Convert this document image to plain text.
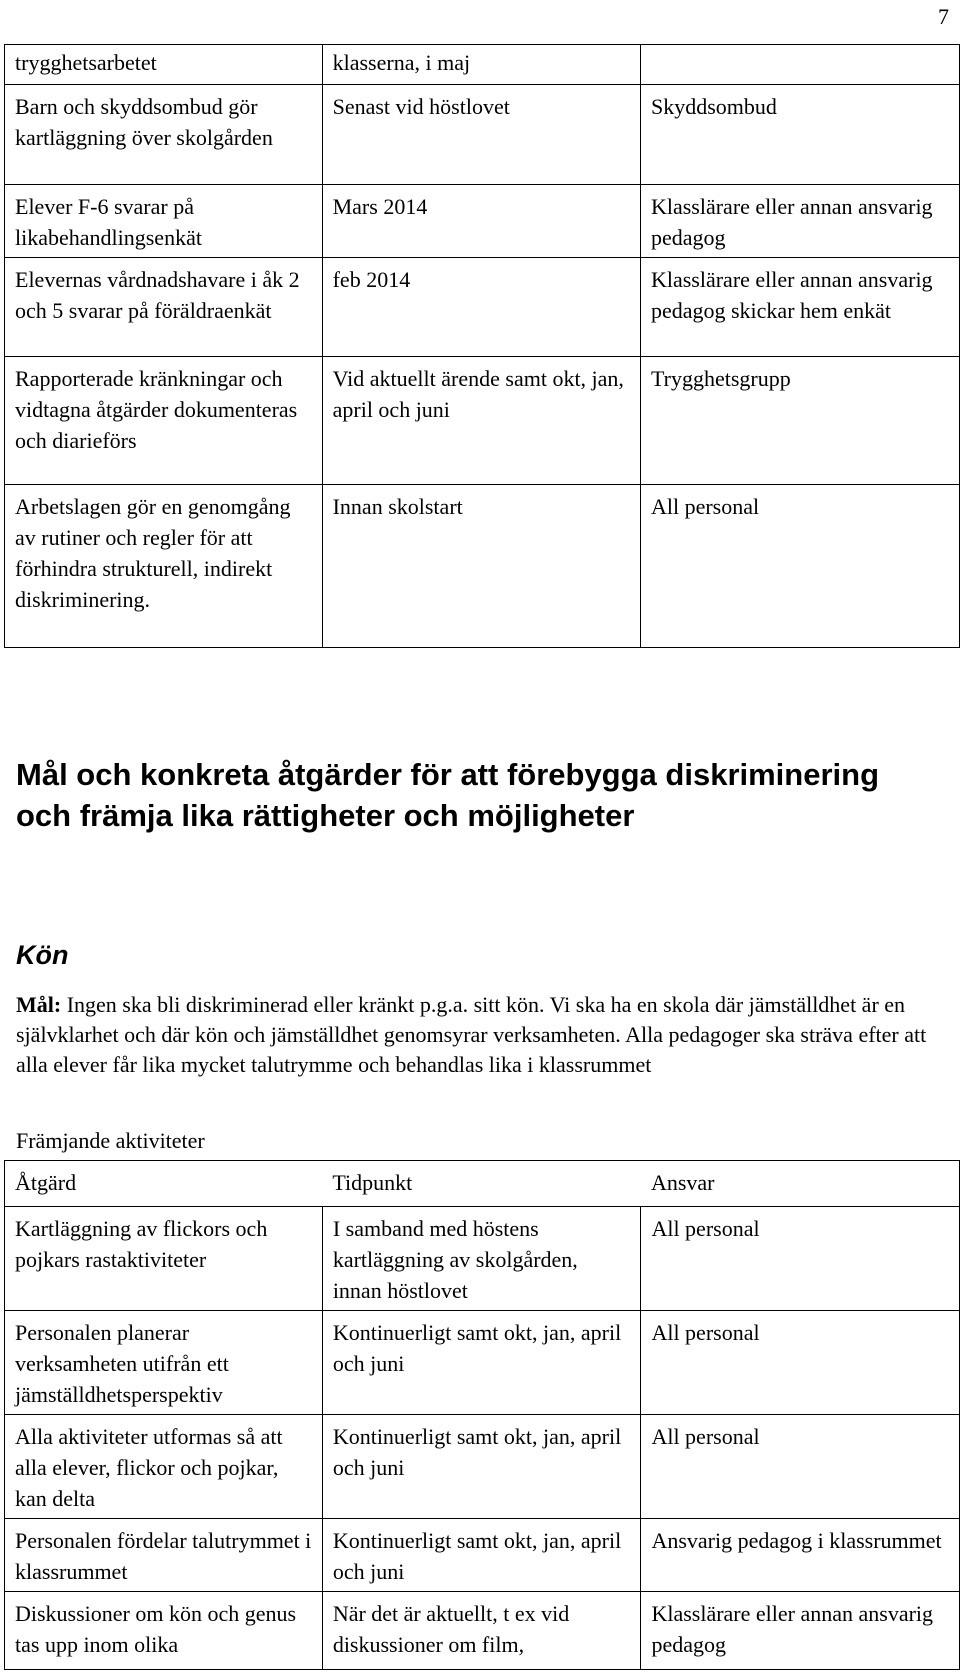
7
trygghetsarbetet	klasserna, i maj	
Barn och skyddsombud gör kartläggning över skolgården	Senast vid höstlovet	Skyddsombud
Elever F-6 svarar på likabehandlingsenkät	Mars 2014	Klasslärare eller annan ansvarig pedagog
Elevernas vårdnadshavare i åk 2 och 5 svarar på föräldraenkät	feb 2014	Klasslärare eller annan ansvarig pedagog skickar hem enkät
Rapporterade kränkningar och vidtagna åtgärder dokumenteras och diarieförs	Vid aktuellt ärende samt okt, jan, april och juni	Trygghetsgrupp
Arbetslagen gör en genomgång av rutiner och regler för att förhindra strukturell, indirekt diskriminering.	Innan skolstart	All personal
Mål och konkreta åtgärder för att förebygga diskriminering och främja lika rättigheter och möjligheter
Kön
Mål: Ingen ska bli diskriminerad eller kränkt p.g.a. sitt kön. Vi ska ha en skola där jämställdhet är en självklarhet och där kön och jämställdhet genomsyrar verksamheten. Alla pedagoger ska sträva efter att alla elever får lika mycket talutrymme och behandlas lika i klassrummet
Främjande aktiviteter
Åtgärd	Tidpunkt	Ansvar
Kartläggning av flickors och pojkars rastaktiviteter	I samband med höstens kartläggning av skolgården, innan höstlovet	All personal
Personalen planerar verksamheten utifrån ett jämställdhetsperspektiv	Kontinuerligt samt okt, jan, april och juni	All personal
Alla aktiviteter utformas så att alla elever, flickor och pojkar, kan delta	Kontinuerligt samt okt, jan, april och juni	All personal
Personalen fördelar talutrymmet i klassrummet	Kontinuerligt samt okt, jan, april och juni	Ansvarig pedagog i klassrummet
Diskussioner om kön och genus tas upp inom olika	När det är aktuellt, t ex vid diskussioner om film,	Klasslärare eller annan ansvarig pedagog
